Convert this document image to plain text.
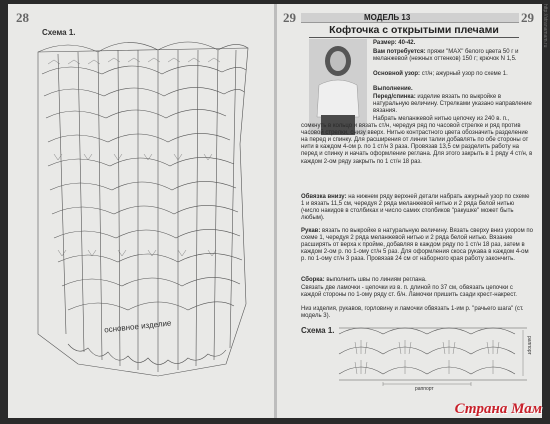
28
Схема 1.
основное изделие
29	29
МОДЕЛЬ 13
Кофточка с открытыми плечами
Размер: 40-42.
Вам потребуется: пряжи "МАХ" белого цвета 50 г и меланжевой (нежных оттенков) 150 г; крючок N 1,5.
Основной узор: ст/н; ажурный узор по схеме 1.
Выполнение.
Перед/спинка: изделие вязать по выкройке в натуральную величину. Стрелками указано направление вязания.
Набрать меланжевой нитью цепочку из 240 в. п., сомкнуть в кольцо и вязать ст/н, чередуя ряд по часовой стрелке и ряд против часовой стрелки, снизу вверх. Нитью контрастного цвета обозначить разделение на перед и спинку. Для расширения от линии талии добавлять по обе стороны от нити в каждом 4-ом р. по 1 ст/н 3 раза. Провязав 13,5 см разделить работу на перед и спинку и начать оформление реглана. Для этого закрыть в 1 ряду 4 ст/н, в каждом 2-ом ряду закрыть по 1 ст/н 18 раз.
Обвязка внизу: на нижнем ряду верхней детали набрать ажурный узор по схеме 1 и вязать 11,5 см, чередуя 2 ряда меланжевой нитью и 2 ряда белой нитью (число накидов в столбиках и число самих столбиков "ракушке" может быть любым).
Рукав: вязать по выкройке в натуральную величину. Вязать сверху вниз узором по схеме 1, чередуя 2 ряда меланжевой нитью и 2 ряда белой нитью. Вязание расширять от верха к пройме, добавляя в каждом ряду по 1 ст/н 18 раз, затем в каждом 2-ом р. по 1-ому ст/н 5 раз. Для оформления скоса рукава в каждом 4-ом р. по 1-ому ст/н 3 раза. Провязав 24 см от наборного края работу закончить.
Сборка: выполнить швы по линиям реглана.
Связать две ламочки - цепочки из в. п. длиной по 37 см, обвязать цепочки с каждой стороны по 1-ому ряду ст. б/н. Ламочки пришить сзади крест-накрест.
Низ изделия, рукавов, горловину и ламочки обвязать 1-им р. "рачьего шага" (ст. модель 3).
Схема 1.
раппорт
раппорт
http://stranamam.ru
Страна Мам
